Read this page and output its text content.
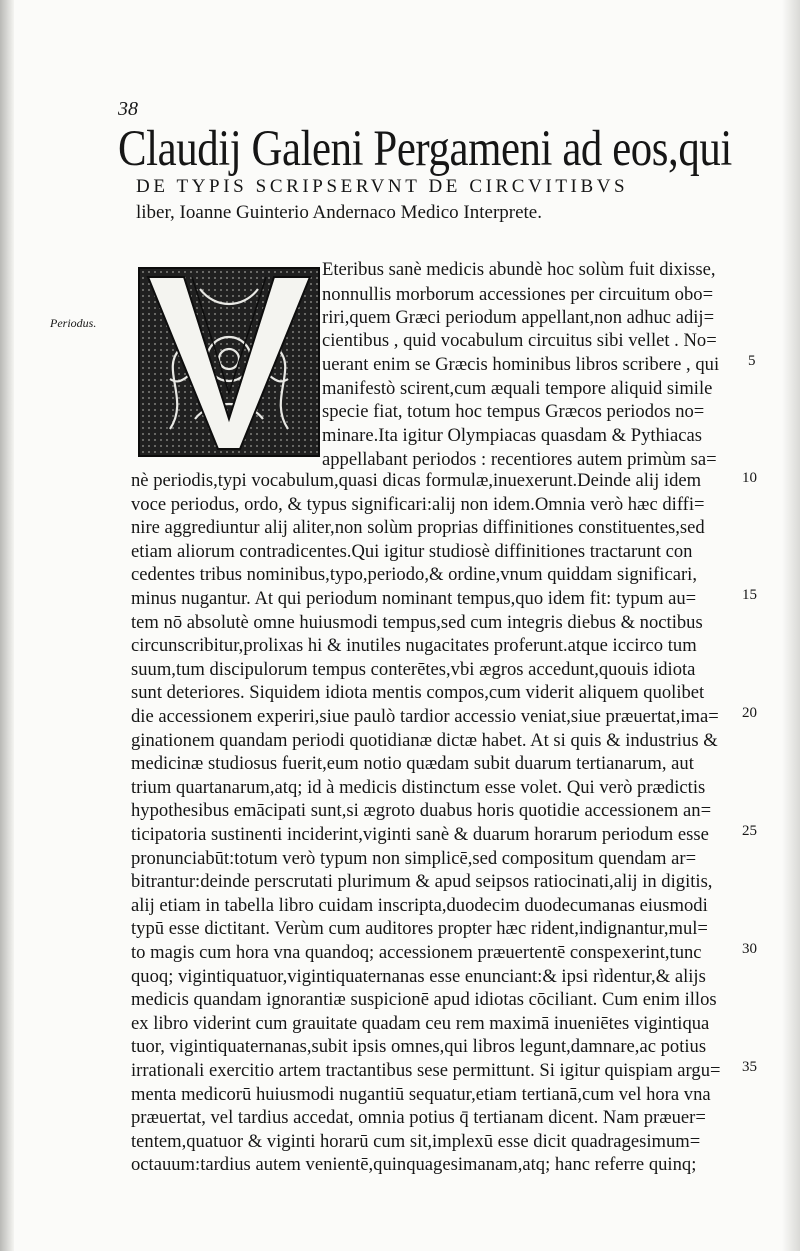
38
Claudij Galeni Pergameni ad eos,qui
DE TYPIS SCRIPSERVNT DE CIRCVITIBVS
liber, Ioanne Guinterio Andernaco Medico Interprete.
Periodus.
Eteribus sanè medicis abundè hoc solùm fuit dixisse,
nonnullis morborum accessiones per circuitum obo=
riri,quem Græci periodum appellant,non adhuc adij=
cientibus , quid vocabulum circuitus sibi vellet . No=
uerant enim se Græcis hominibus libros scribere , qui
manifestò scirent,cum æquali tempore aliquid simile
specie fiat, totum hoc tempus Græcos periodos no=
minare.Ita igitur Olympiacas quasdam & Pythiacas
appellabant periodos : recentiores autem primùm sa=
nè periodis,typi vocabulum,quasi dicas formulæ,inuexerunt.Deinde alij idem
voce periodus, ordo, & typus significari:alij non idem.Omnia verò hæc diffi=
nire aggrediuntur alij aliter,non solùm proprias diffinitiones constituentes,sed
etiam aliorum contradicentes.Qui igitur studiosè diffinitiones tractarunt con
cedentes tribus nominibus,typo,periodo,& ordine,vnum quiddam significari,
minus nugantur. At qui periodum nominant tempus,quo idem fit: typum au=
tem nō absolutè omne huiusmodi tempus,sed cum integris diebus & noctibus
circunscribitur,prolixas hi & inutiles nugacitates proferunt.atque iccirco tum
suum,tum discipulorum tempus conterētes,vbi ægros accedunt,quouis idiota
sunt deteriores. Siquidem idiota mentis compos,cum viderit aliquem quolibet
die accessionem experiri,siue paulò tardior accessio veniat,siue præuertat,ima=
ginationem quandam periodi quotidianæ dictæ habet. At si quis & industrius &
medicinæ studiosus fuerit,eum notio quædam subit duarum tertianarum, aut
trium quartanarum,atq; id à medicis distinctum esse volet. Qui verò prædictis
hypothesibus emācipati sunt,si ægroto duabus horis quotidie accessionem an=
ticipatoria sustinenti inciderint,viginti sanè & duarum horarum periodum esse
pronunciabūt:totum verò typum non simplicē,sed compositum quendam ar=
bitrantur:deinde perscrutati plurimum & apud seipsos ratiocinati,alij in digitis,
alij etiam in tabella libro cuidam inscripta,duodecim duodecumanas eiusmodi
typū esse dictitant. Verùm cum auditores propter hæc rident,indignantur,mul=
to magis cum hora vna quandoq; accessionem præuertentē conspexerint,tunc
quoq; vigintiquatuor,vigintiquaternanas esse enunciant:& ipsi rìdentur,& alijs
medicis quandam ignorantiæ suspicionē apud idiotas cōciliant. Cum enim illos
ex libro viderint cum grauitate quadam ceu rem maximā inueniētes vigintiqua
tuor, vigintiquaternanas,subit ipsis omnes,qui libros legunt,damnare,ac potius
irrationali exercitio artem tractantibus sese permittunt. Si igitur quispiam argu=
menta medicorū huiusmodi nugantiū sequatur,etiam tertianā,cum vel hora vna
præuertat, vel tardius accedat, omnia potius q̄ tertianam dicent. Nam præuer=
tentem,quatuor & viginti horarū cum sit,implexū esse dicit quadragesimum=
octauum:tardius autem venientē,quinquagesimanam,atq; hanc referre quinq;
5
10
15
20
25
30
35
